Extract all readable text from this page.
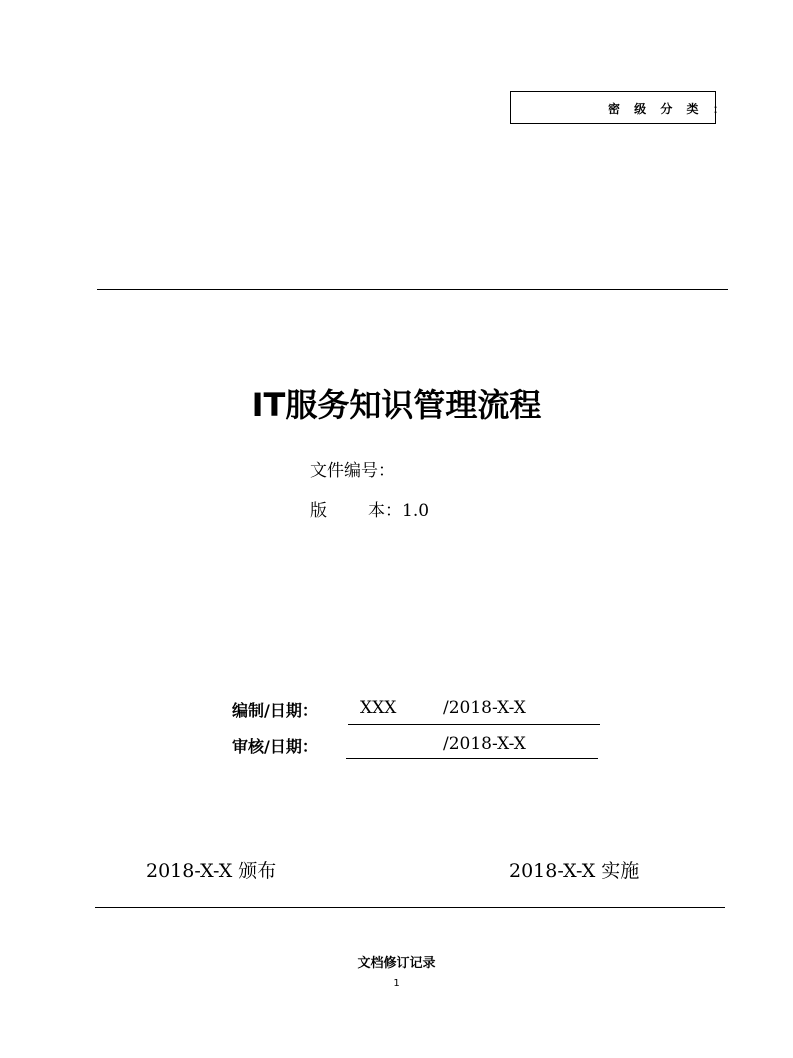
密 级 分 类 ：
IT服务知识管理流程
文件编号：
版 本：1.0
编制/日期： XXX	/2018-X-X
审核/日期：	/2018-X-X
2018-X-X 颁布	2018-X-X 实施
文档修订记录
1
